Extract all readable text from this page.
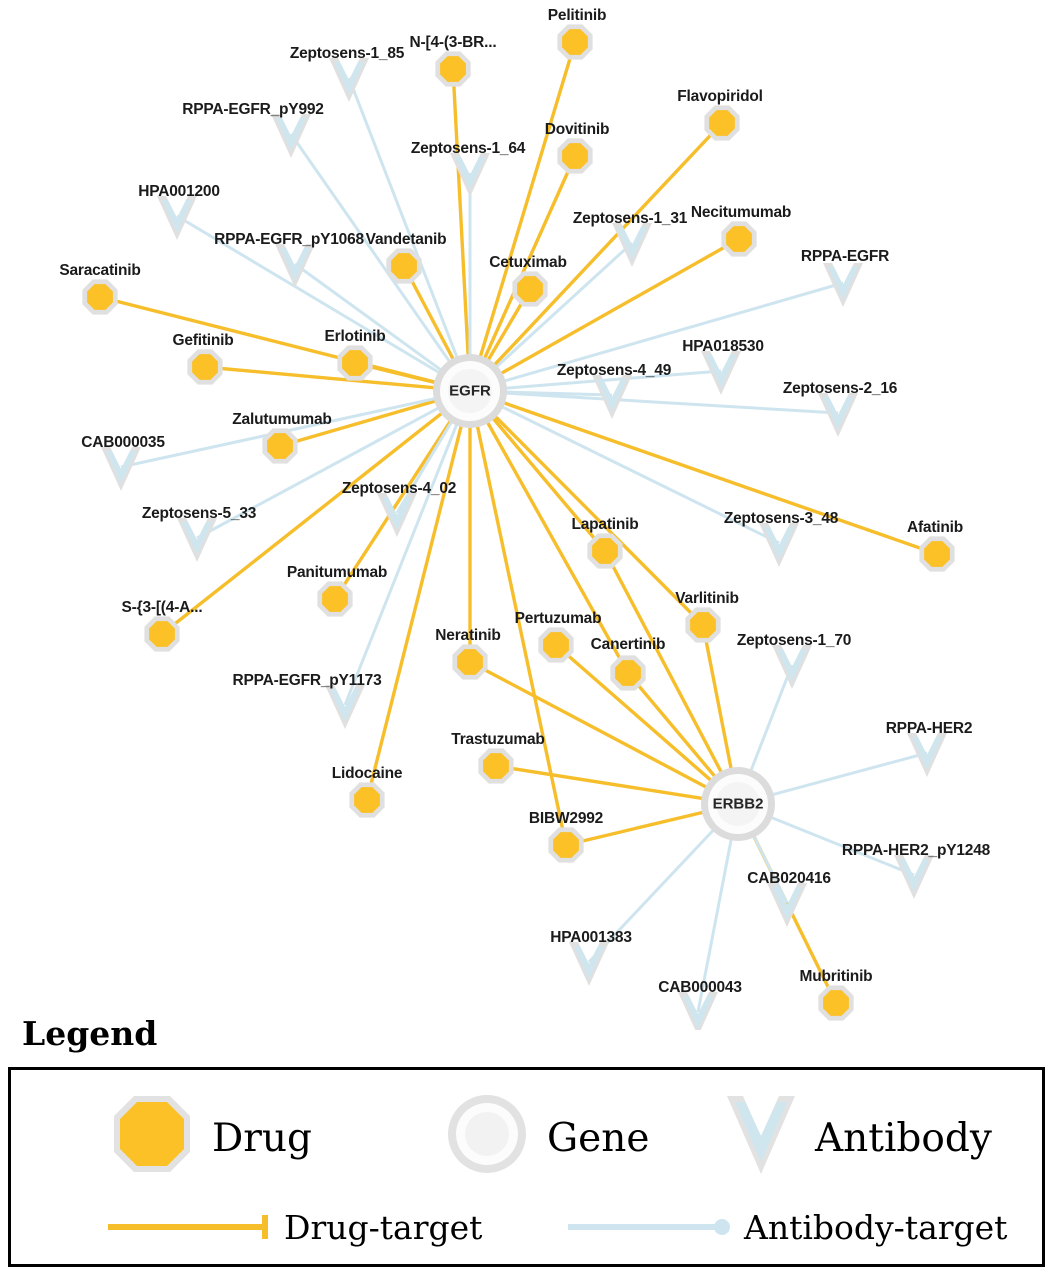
Pelitinib
N-[4-(3-BR...
Flavopiridol
Dovitinib
Necitumumab
Vandetanib
Cetuximab
Saracatinib
Gefitinib	Erlotinib
Zalutumumab
Afatinib
Lapatinib
Panitumumab
Varlitinib
S-{3-[(4-A...
Pertuzumab
Neratinib
Canertinib
Trastuzumab
Lidocaine
BIBW2992
Mubritinib
Zeptosens-1_85
RPPA-EGFR_pY992
Zeptosens-1_64
HPA001200
Zeptosens-1_31
RPPA-EGFR_pY1068
RPPA-EGFR
HPA018530
Zeptosens-4_49
Zeptosens-2_16
CAB000035
Zeptosens-4_02
Zeptosens-5_33	Zeptosens-3_48
RPPA-EGFR_pY1173
Zeptosens-1_70
RPPA-HER2
RPPA-HER2_pY1248
CAB020416
HPA001383
CAB000043
EGFR
ERBB2
Legend
Drug	Gene	Antibody
Drug-target	Antibody-target
